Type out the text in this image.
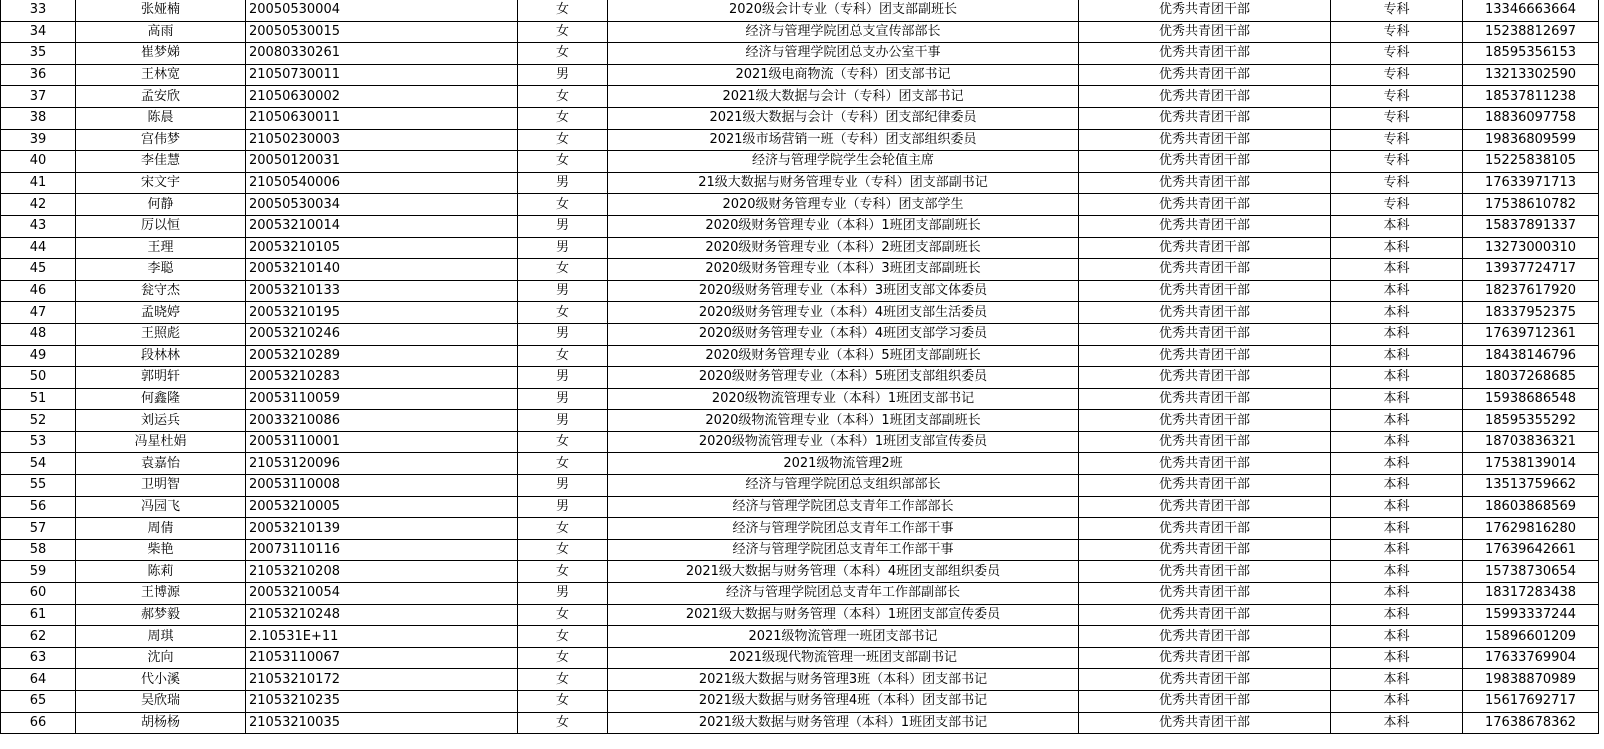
33	张娅楠	20050530004	女	2020级会计专业（专科）团支部副班长	优秀共青团干部	专科	13346663664
34	高雨	20050530015	女	经济与管理学院团总支宣传部部长	优秀共青团干部	专科	15238812697
35	崔梦娣	20080330261	女	经济与管理学院团总支办公室干事	优秀共青团干部	专科	18595356153
36	王林宽	21050730011	男	2021级电商物流（专科）团支部书记	优秀共青团干部	专科	13213302590
37	孟安欣	21050630002	女	2021级大数据与会计（专科）团支部书记	优秀共青团干部	专科	18537811238
38	陈晨	21050630011	女	2021级大数据与会计（专科）团支部纪律委员	优秀共青团干部	专科	18836097758
39	宫伟梦	21050230003	女	2021级市场营销一班（专科）团支部组织委员	优秀共青团干部	专科	19836809599
40	李佳慧	20050120031	女	经济与管理学院学生会轮值主席	优秀共青团干部	专科	15225838105
41	宋文宇	21050540006	男	21级大数据与财务管理专业（专科）团支部副书记	优秀共青团干部	专科	17633971713
42	何静	20050530034	女	2020级财务管理专业（专科）团支部学生	优秀共青团干部	专科	17538610782
43	厉以恒	20053210014	男	2020级财务管理专业（本科）1班团支部副班长	优秀共青团干部	本科	15837891337
44	王理	20053210105	男	2020级财务管理专业（本科）2班团支部副班长	优秀共青团干部	本科	13273000310
45	李聪	20053210140	女	2020级财务管理专业（本科）3班团支部副班长	优秀共青团干部	本科	13937724717
46	瓮守杰	20053210133	男	2020级财务管理专业（本科）3班团支部文体委员	优秀共青团干部	本科	18237617920
47	孟晓婷	20053210195	女	2020级财务管理专业（本科）4班团支部生活委员	优秀共青团干部	本科	18337952375
48	王照彪	20053210246	男	2020级财务管理专业（本科）4班团支部学习委员	优秀共青团干部	本科	17639712361
49	段林林	20053210289	女	2020级财务管理专业（本科）5班团支部副班长	优秀共青团干部	本科	18438146796
50	郭明轩	20053210283	男	2020级财务管理专业（本科）5班团支部组织委员	优秀共青团干部	本科	18037268685
51	何鑫隆	20053110059	男	2020级物流管理专业（本科）1班团支部书记	优秀共青团干部	本科	15938686548
52	刘运兵	20033210086	男	2020级物流管理专业（本科）1班团支部副班长	优秀共青团干部	本科	18595355292
53	冯星杜娟	20053110001	女	2020级物流管理专业（本科）1班团支部宣传委员	优秀共青团干部	本科	18703836321
54	袁嘉怡	21053120096	女	2021级物流管理2班	优秀共青团干部	本科	17538139014
55	卫明智	20053110008	男	经济与管理学院团总支组织部部长	优秀共青团干部	本科	13513759662
56	冯园飞	20053210005	男	经济与管理学院团总支青年工作部部长	优秀共青团干部	本科	18603868569
57	周倩	20053210139	女	经济与管理学院团总支青年工作部干事	优秀共青团干部	本科	17629816280
58	柴艳	20073110116	女	经济与管理学院团总支青年工作部干事	优秀共青团干部	本科	17639642661
59	陈莉	21053210208	女	2021级大数据与财务管理（本科）4班团支部组织委员	优秀共青团干部	本科	15738730654
60	王博源	20053210054	男	经济与管理学院团总支青年工作部副部长	优秀共青团干部	本科	18317283438
61	郝梦毅	21053210248	女	2021级大数据与财务管理（本科）1班团支部宣传委员	优秀共青团干部	本科	15993337244
62	周琪	2.10531E+11	女	2021级物流管理一班团支部书记	优秀共青团干部	本科	15896601209
63	沈向	21053110067	女	2021级现代物流管理一班团支部副书记	优秀共青团干部	本科	17633769904
64	代小溪	21053210172	女	2021级大数据与财务管理3班（本科）团支部书记	优秀共青团干部	本科	19838870989
65	吴欣瑞	21053210235	女	2021级大数据与财务管理4班（本科）团支部书记	优秀共青团干部	本科	15617692717
66	胡杨杨	21053210035	女	2021级大数据与财务管理（本科）1班团支部书记	优秀共青团干部	本科	17638678362
